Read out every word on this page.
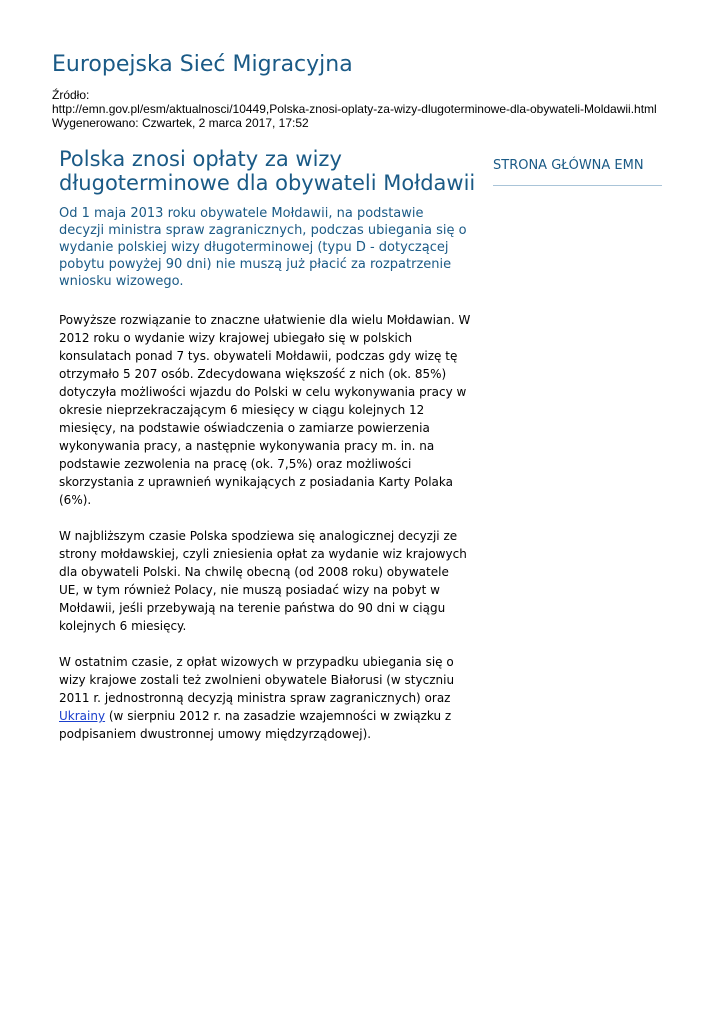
Europejska Sieć Migracyjna
Źródło:
http://emn.gov.pl/esm/aktualnosci/10449,Polska-znosi-oplaty-za-wizy-dlugoterminowe-dla-obywateli-Moldawii.html
Wygenerowano: Czwartek, 2 marca 2017, 17:52
Polska znosi opłaty za wizy długoterminowe dla obywateli Mołdawii

Od 1 maja 2013 roku obywatele Mołdawii, na podstawie decyzji ministra spraw zagranicznych, podczas ubiegania się o wydanie polskiej wizy długoterminowej (typu D - dotyczącej pobytu powyżej 90 dni) nie muszą już płacić za rozpatrzenie wniosku wizowego.

Powyższe rozwiązanie to znaczne ułatwienie dla wielu Mołdawian. W 2012 roku o wydanie wizy krajowej ubiegało się w polskich konsulatach ponad 7 tys. obywateli Mołdawii, podczas gdy wizę tę otrzymało 5 207 osób. Zdecydowana większość z nich (ok. 85%) dotyczyła możliwości wjazdu do Polski w celu wykonywania pracy w okresie nieprzekraczającym 6 miesięcy w ciągu kolejnych 12 miesięcy, na podstawie oświadczenia o zamiarze powierzenia wykonywania pracy, a następnie wykonywania pracy m. in. na podstawie zezwolenia na pracę (ok. 7,5%) oraz możliwości skorzystania z uprawnień wynikających z posiadania Karty Polaka (6%).

W najbliższym czasie Polska spodziewa się analogicznej decyzji ze strony mołdawskiej, czyli zniesienia opłat za wydanie wiz krajowych dla obywateli Polski. Na chwilę obecną (od 2008 roku) obywatele UE, w tym również Polacy, nie muszą posiadać wizy na pobyt w Mołdawii, jeśli przebywają na terenie państwa do 90 dni w ciągu kolejnych 6 miesięcy.

W ostatnim czasie, z opłat wizowych w przypadku ubiegania się o wizy krajowe zostali też zwolnieni obywatele Białorusi (w styczniu 2011 r. jednostronną decyzją ministra spraw zagranicznych) oraz Ukrainy (w sierpniu 2012 r. na zasadzie wzajemności w związku z podpisaniem dwustronnej umowy międzyrządowej).

STRONA GŁÓWNA EMN
